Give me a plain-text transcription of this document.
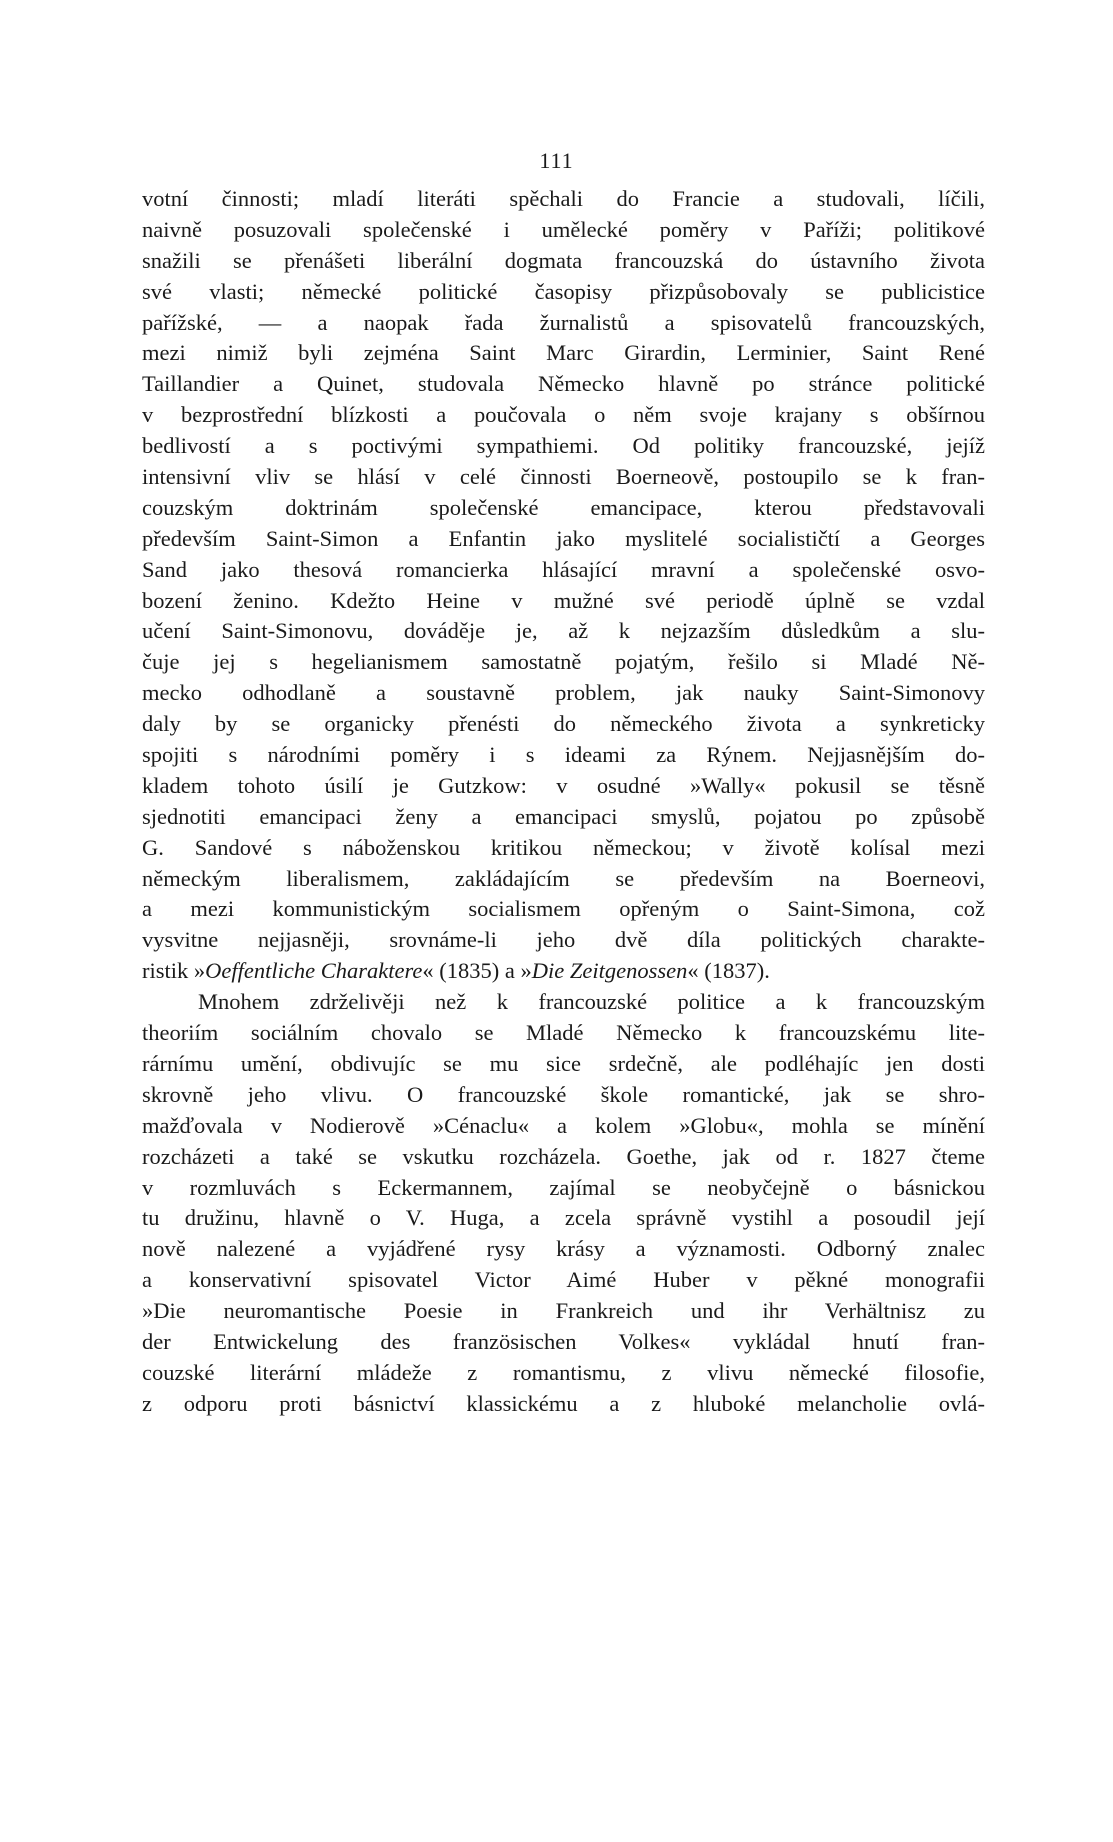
111
votní činnosti; mladí literáti spěchali do Francie a studovali, líčili,
naivně posuzovali společenské i umělecké poměry v Paříži; politikové
snažili se přenášeti liberální dogmata francouzská do ústavního života
své vlasti; německé politické časopisy přizpůsobovaly se publicistice
pařížské, — a naopak řada žurnalistů a spisovatelů francouzských,
mezi nimiž byli zejména Saint Marc Girardin, Lerminier, Saint René
Taillandier a Quinet, studovala Německo hlavně po stránce politické
v bezprostřední blízkosti a poučovala o něm svoje krajany s obšírnou
bedlivostí a s poctivými sympathiemi. Od politiky francouzské, jejíž
intensivní vliv se hlásí v celé činnosti Boerneově, postoupilo se k fran-
couzským doktrinám společenské emancipace, kterou představovali
především Saint-Simon a Enfantin jako myslitelé socialističtí a Georges
Sand jako thesová romancierka hlásající mravní a společenské osvo-
bození ženino. Kdežto Heine v mužné své periodě úplně se vzdal
učení Saint-Simonovu, dováděje je, až k nejzazším důsledkům a slu-
čuje jej s hegelianismem samostatně pojatým, řešilo si Mladé Ně-
mecko odhodlaně a soustavně problem, jak nauky Saint-Simonovy
daly by se organicky přenésti do německého života a synkreticky
spojiti s národními poměry i s ideami za Rýnem. Nejjasnějším do-
kladem tohoto úsilí je Gutzkow: v osudné »Wally« pokusil se těsně
sjednotiti emancipaci ženy a emancipaci smyslů, pojatou po způsobě
G. Sandové s náboženskou kritikou německou; v životě kolísal mezi
německým liberalismem, zakládajícím se především na Boerneovi,
a mezi kommunistickým socialismem opřeným o Saint-Simona, což
vysvitne nejjasněji, srovnáme-li jeho dvě díla politických charakte-
ristik »Oeffentliche Charaktere« (1835) a »Die Zeitgenossen« (1837).
Mnohem zdrželivěji než k francouzské politice a k francouzským
theoriím sociálním chovalo se Mladé Německo k francouzskému lite-
rárnímu umění, obdivujíc se mu sice srdečně, ale podléhajíc jen dosti
skrovně jeho vlivu. O francouzské škole romantické, jak se shro-
mažďovala v Nodierově »Cénaclu« a kolem »Globu«, mohla se mínění
rozcházeti a také se vskutku rozcházela. Goethe, jak od r. 1827 čteme
v rozmluvách s Eckermannem, zajímal se neobyčejně o básnickou
tu družinu, hlavně o V. Huga, a zcela správně vystihl a posoudil její
nově nalezené a vyjádřené rysy krásy a významosti. Odborný znalec
a konservativní spisovatel Victor Aimé Huber v pěkné monografii
»Die neuromantische Poesie in Frankreich und ihr Verhältnisz zu
der Entwickelung des französischen Volkes« vykládal hnutí fran-
couzské literární mládeže z romantismu, z vlivu německé filosofie,
z odporu proti básnictví klassickému a z hluboké melancholie ovlá-
